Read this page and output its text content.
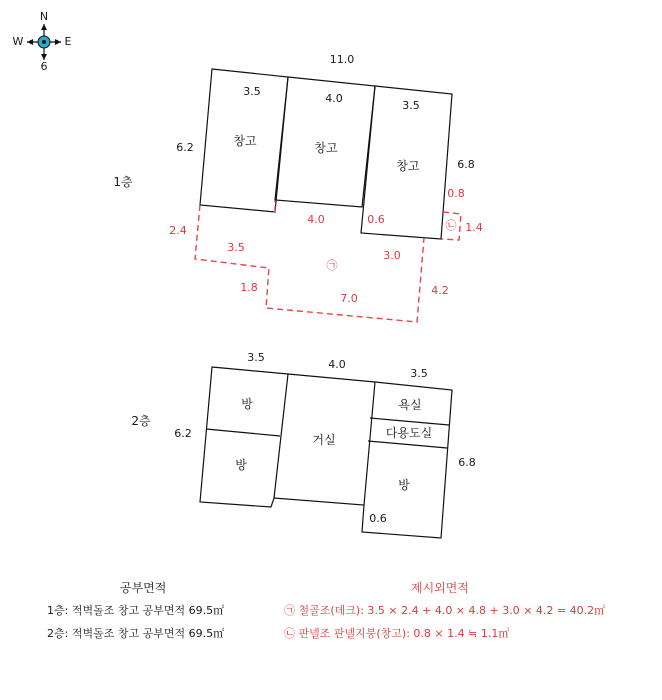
N
6
W	E
11.0
3.5
4.0
3.5
6.2
6.8
1층
창고	창고
창고
4.0	0.6
2.4
3.5
3.0
1.8
7.0
4.2
㉠
0.8
1.4
㉡
3.5
4.0
3.5
6.2
6.8
0.6
2층
방
방
거실
욕실
다용도실
방
공부면적
1층: 적벽돌조 창고 공부면적 69.5㎡
2층: 적벽돌조 창고 공부면적 69.5㎡
제시외면적
㉠ 철골조(데크): 3.5 × 2.4 + 4.0 × 4.8 + 3.0 × 4.2 = 40.2㎡
㉡ 판넬조 판넬지붕(창고): 0.8 × 1.4 ≒ 1.1㎡
